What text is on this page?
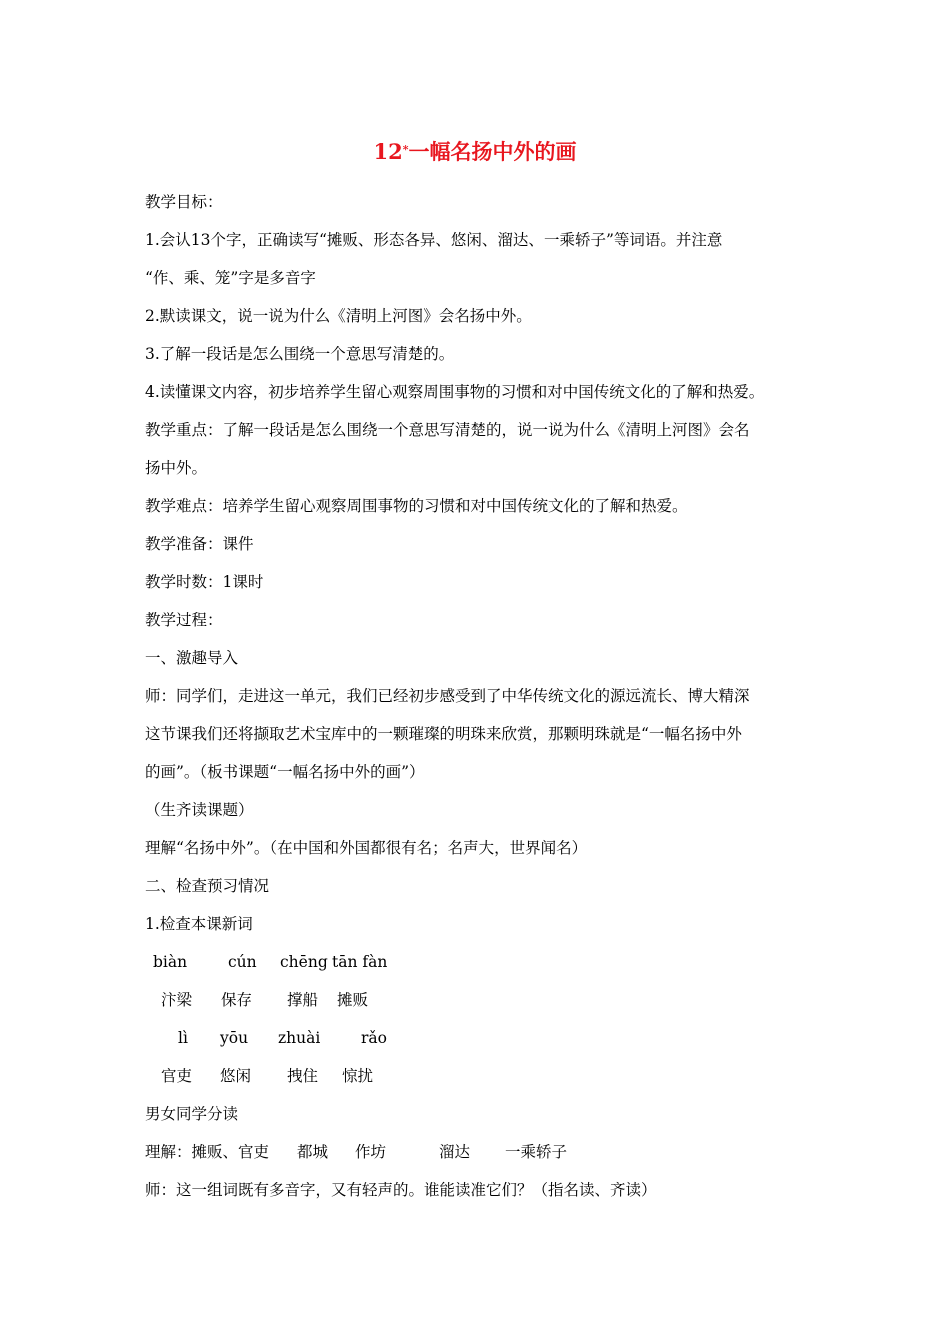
12*一幅名扬中外的画
教学目标：
1.会认13个字，正确读写“摊贩、形态各异、悠闲、溜达、一乘轿子”等词语。并注意
“作、乘、笼”字是多音字
2.默读课文，说一说为什么《清明上河图》会名扬中外。
3.了解一段话是怎么围绕一个意思写清楚的。
4.读懂课文内容，初步培养学生留心观察周围事物的习惯和对中国传统文化的了解和热爱。
教学重点：了解一段话是怎么围绕一个意思写清楚的，说一说为什么《清明上河图》会名
扬中外。
教学难点：培养学生留心观察周围事物的习惯和对中国传统文化的了解和热爱。
教学准备：课件
教学时数：1课时
教学过程：
一、激趣导入
师：同学们，走进这一单元，我们已经初步感受到了中华传统文化的源远流长、博大精深
这节课我们还将撷取艺术宝库中的一颗璀璨的明珠来欣赏，那颗明珠就是“一幅名扬中外
的画”。（板书课题“一幅名扬中外的画”）
（生齐读课题）
理解“名扬中外”。（在中国和外国都很有名；名声大，世界闻名）
二、检查预习情况
1.检查本课新词
biàn	cún	chēng tān fàn
汴梁	保存	撑船	摊贩
lì	yōu	zhuài	rǎo
官吏	悠闲	拽住	惊扰
男女同学分读
理解：摊贩、官吏 都城 作坊	溜达 一乘轿子
师：这一组词既有多音字，又有轻声的。谁能读准它们？（指名读、齐读）
